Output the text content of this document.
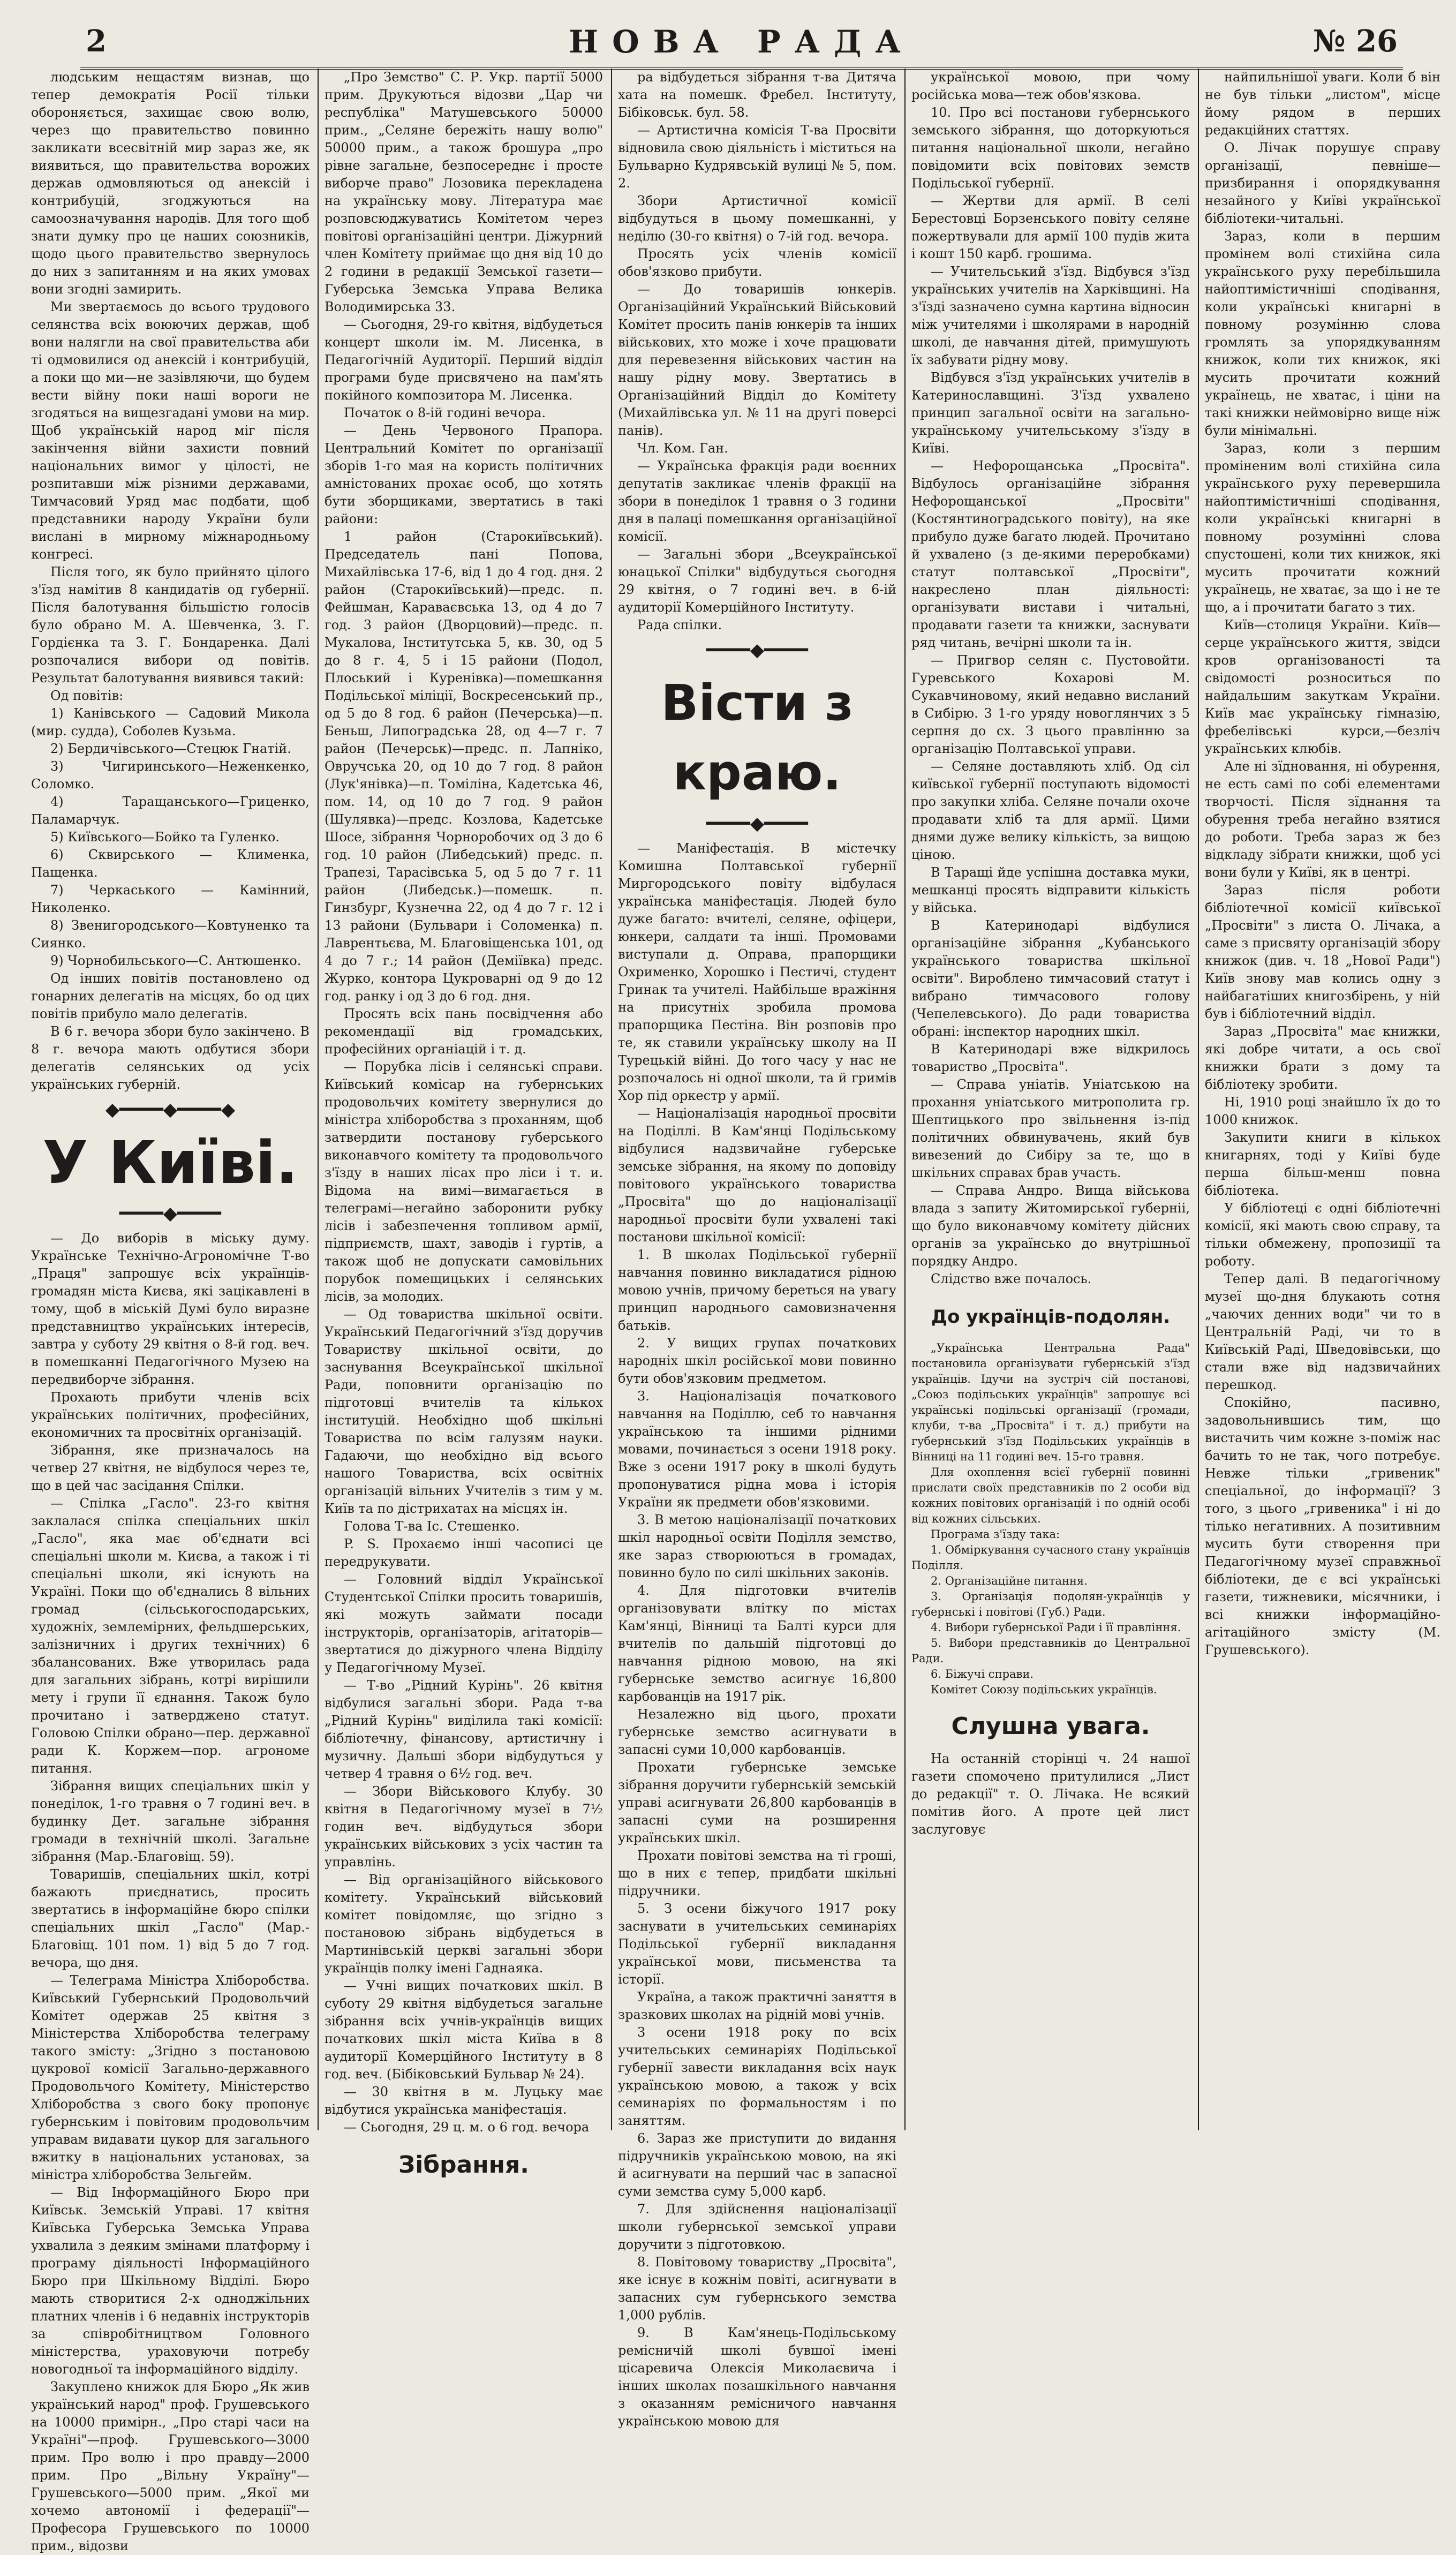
2	НОВА РАДА	№ 26

людським нещастям визнав, що тепер демократія Росії тільки обороняється, захищає свою волю, через що правительство повинно закликати всесвітній мир зараз же, як виявиться, що правительства ворожих держав одмовляються од анексій і контрибуцій, згоджуються на самоозначування народів. Для того щоб знати думку про це наших союзників, щодо цього правительство звернулось до них з запитанням и на яких умовах вони згодні замирить.

Ми звертаємось до всього трудового селянства всіх воюючих держав, щоб вони налягли на свої правительства аби ті одмовилися од анексій і контрибуцій, а поки що ми—не зазівляючи, що будем вести війну поки наші вороги не згодяться на вищезгадані умови на мир. Щоб українській народ міг після закінчення війни захисти повний національних вимог у цілості, не розпитавши між різними державами, Тимчасовий Уряд має подбати, щоб представники народу України були вислані в мирному міжнародньому конгресі.

Після того, як було прийнято цілого з'їзд намітив 8 кандидатів од губернії. Після балотування більшістю голосів було обрано М. А. Шевченка, З. Г. Гордієнка та З. Г. Бондаренка. Далі розпочалися вибори од повітів. Результат балотування виявився такий:

Од повітів:

1) Канівського — Садовий Микола (мир. судда), Соболев Кузьма.

2) Бердичівського—Стецюк Гнатій.

3) Чигиринського—Неженкенко, Соломко.

4) Таращанського—Гриценко, Паламарчук.

5) Київського—Бойко та Гуленко.

6) Сквирського — Клименка, Пащенка.

7) Черкаського — Камінний, Николенко.

8) Звенигородського—Ковтуненко та Сиянко.

9) Чорнобильського—С. Антюшенко.

Од інших повітів постановлено од гонарних делегатів на місцях, бо од цих повітів прибуло мало делегатів.

В 6 г. вечора збори було закінчено. В 8 г. вечора мають одбутися збори делегатів селянських од усіх українських губерній.

◆━━━━◆━━━━◆
У Київі.
━━━━◆━━━━

— До виборів в міську думу. Українське Технічно-Агрономічне Т-во „Праця" запрошує всіх українців-громадян міста Києва, які зацікавлені в тому, щоб в міській Думі було виразне представництво українських інтересів, завтра у суботу 29 квітня о 8-й год. веч. в помешканні Педагогічного Музею на передвиборче зібрання.

Прохають прибути членів всіх українських політичних, професійних, економичних та просвітніх організацій.

Зібрання, яке призначалось на четвер 27 квітня, не відбулося через те, що в цей час засідання Спілки.

— Спілка „Гасло". 23-го квітня заклалася спілка спеціальних шкіл „Гасло", яка має об'єднати всі спеціальні школи м. Києва, а також і ті спеціальні школи, які існують на Україні. Поки що об'єднались 8 вільних громад (сільськогосподарських, художніх, землемірних, фельдшерських, залізничних і других технічних) 6 збалансованих. Вже утворилась рада для загальних зібрань, котрі вирішили мету і групи її єднання. Також було прочитано і затверджено статут. Головою Спілки обрано—пер. державної ради К. Коржем—пор. агрономе питання.

Зібрання вищих спеціальних шкіл у понеділок, 1-го травня о 7 годині веч. в будинку Дет. загальне зібрання громади в технічній школі. Загальне зібрання (Мар.-Благовіщ. 59).

Товаришів, спеціальних шкіл, котрі бажають приєднатись, просить звертатись в інформаційне бюро спілки спеціальних шкіл „Гасло" (Мар.-Благовіщ. 101 пом. 1) від 5 до 7 год. вечора, що дня.

— Телеграма Міністра Хліборобства. Київський Губернський Продовольчий Комітет одержав 25 квітня з Міністерства Хліборобства телеграму такого змісту: „Згідно з постановою цукрової комісії Загально-державного Продовольчого Комітету, Міністерство Хліборобства з свого боку пропонує губернським і повітовим продовольчим управам видавати цукор для загального вжитку в національних установах, за міністра хліборобства Зельгейм.

— Від Інформаційного Бюро при Київськ. Земській Управі. 17 квітня Київська Губерська Земська Управа ухвалила з деяким змінами платформу і програму діяльності Інформаційного Бюро при Шкільному Відділі. Бюро мають створитися 2-х одноджільних платних членів і 6 недавніх інструкторів за співробітництвом Головного міністерства, ураховуючи потребу новогодньої та інформаційного відділу.

Закуплено книжок для Бюро „Як жив український народ" проф. Грушевського на 10000 примірн., „Про старі часи на Україні"—проф. Грушевського—3000 прим. Про волю і про правду—2000 прим. Про „Вільну Україну"—Грушевського—5000 прим. „Якої ми хочемо автономії і федерації"—Професора Грушевського по 10000 прим., відозви

„Про Земство" С. Р. Укр. партії 5000 прим. Друкуються відозви „Цар чи республіка" Матушевського 50000 прим., „Селяне бережіть нашу волю" 50000 прим., а також брошура „про рівне загальне, безпосереднє і просте виборче право" Лозовика перекладена на українську мову. Література має розповсюджуватись Комітетом через повітові організаційні центри. Діжурний член Комітету приймає що дня від 10 до 2 години в редакції Земської газети—Губерська Земська Управа Велика Володимирська 33.

— Сьогодня, 29-го квітня, відбудеться концерт школи ім. М. Лисенка, в Педагогічній Аудиторії. Перший відділ програми буде присвячено на пам'ять покійного композитора М. Лисенка.

Початок о 8-ій годині вечора.

— День Червоного Прапора. Центральний Комітет по організації зборів 1-го мая на користь політичних амністованих прохає особ, що хотять бути зборщиками, звертатись в такі райони:

1 район (Старокиївський). Председатель пані Попова, Михайлівська 17-6, від 1 до 4 год. дня. 2 район (Старокиївський)—предс. п. Фейшман, Караваєвська 13, од 4 до 7 год. 3 район (Дворцовий)—предс. п. Мукалова, Інститутська 5, кв. 30, од 5 до 8 г. 4, 5 і 15 райони (Подол, Плоський і Куренівка)—помешкання Подільської міліції, Воскресенський пр., од 5 до 8 год. 6 район (Печерська)—п. Беньш, Липоградська 28, од 4—7 г. 7 район (Печерськ)—предс. п. Лапніко, Овручська 20, од 10 до 7 год. 8 район (Лук'янівка)—п. Томіліна, Кадетська 46, пом. 14, од 10 до 7 год. 9 район (Шулявка)—предс. Козлова, Кадетське Шосе, зібрання Чорноробочих од 3 до 6 год. 10 район (Либедський) предс. п. Трапезі, Тарасівська 5, од 5 до 7 г. 11 район (Либедськ.)—помешк. п. Гинзбург, Кузнечна 22, од 4 до 7 г. 12 і 13 райони (Бульвари і Соломенка) п. Лаврентьєва, М. Благовіщенська 101, од 4 до 7 г.; 14 район (Деміївка) предс. Журко, контора Цукроварні од 9 до 12 год. ранку і од 3 до 6 год. дня.

Просять всіх пань посвідчення або рекомендації від громадських, професійних органіацій і т. д.

— Порубка лісів і селянські справи. Київський комісар на губернських продовольчих комітету звернулися до міністра хліборобства з проханням, щоб затвердити постанову губерського виконавчого комітету та продовольчого з'їзду в наших лісах про ліси і т. и. Відома на вимі—вимагається в телеграмі—негайно заборонити рубку лісів і забезпечення топливом армії, підприємств, шахт, заводів і гуртів, а також щоб не допускати самовільних порубок помещицьких і селянських лісів, за молодих.

— Од товариства шкільної освіти. Український Педагогічний з'їзд доручив Товариству шкільної освіти, до заснування Всеукраїнської шкільної Ради, поповнити організацію по підготовці вчителів та кількох інституцій. Необхідно щоб шкільні Товариства по всім галузям науки. Гадаючи, що необхідно від всього нашого Товариства, всіх освітніх організацій вільних Учителів з тим у м. Київ та по дістрихатах на місцях ін.

Голова Т-ва Іс. Стешенко.

P. S. Прохаємо інші часописі це передрукувати.

— Головний відділ Української Студентської Спілки просить товаришів, які можуть займати посади інструкторів, організаторів, агітаторів—звертатися до діжурного члена Відділу у Педагогічному Музеї.

— Т-во „Рідний Курінь". 26 квітня відбулися загальні збори. Рада т-ва „Рідний Курінь" виділила такі комісії: бібліотечну, фінансову, артистичну і музичну. Дальші збори відбудуться у четвер 4 травня о 6½ год. веч.

— Збори Військового Клубу. 30 квітня в Педагогічному музеї в 7½ годин веч. відбудуться збори українських військових з усіх частин та управлінь.

— Від організаційного військового комітету. Український військовий комітет повідомляє, що згідно з постановою зібрань відбудеться в Мартинівській церкві загальні збори українців полку імені Гаднаяка.

— Учні вищих початкових шкіл. В суботу 29 квітня відбудеться загальне зібрання всіх учнів-українців вищих початкових шкіл міста Київа в 8 аудиторії Комерційного Інституту в 8 год. веч. (Бібіковський Бульвар № 24).

— 30 квітня в м. Луцьку має відбутися українська маніфестація.

— Сьогодня, 29 ц. м. о 6 год. вечора

Зібрання.

ра відбудеться зібрання т-ва Дитяча хата на помешк. Фребел. Інституту, Бібіковськ. бул. 58.

— Артистична комісія Т-ва Просвіти відновила свою діяльність і міститься на Бульварно Кудрявській вулиці № 5, пом. 2.

Збори Артистичної комісії відбудуться в цьому помешканні, у неділю (30-го квітня) о 7-ій год. вечора.

Просять усіх членів комісії обов'язково прибути.

— До товаришів юнкерів. Організаційний Український Військовий Комітет просить панів юнкерів та інших військових, хто може і хоче працювати для перевезення військових частин на нашу рідну мову. Звертатись в Організаційний Відділ до Комітету (Михайлівська ул. № 11 на другі поверсі панів).

Чл. Ком. Ган.

— Українська фракція ради воєнних депутатів закликає членів фракції на збори в понеділок 1 травня о 3 години дня в палаці помешкання організаційної комісії.

— Загальні збори „Всеукраїнської юнацької Спілки" відбудуться сьогодня 29 квітня, о 7 годині веч. в 6-ій аудиторії Комерційного Інституту.

Рада спілки.

━━━━◆━━━━
Вісти з краю.
━━━━◆━━━━

— Маніфестація. В містечку Комишна Полтавської губернії Миргородського повіту відбулася українська маніфестація. Людей було дуже багато: вчителі, селяне, офіцери, юнкери, салдати та інші. Промовами виступали д. Оправа, прапорщики Охрименко, Хорошко і Пестичі, студент Гринак та учителі. Найбільше вражіння на присутніх зробила промова прапорщика Пестіна. Він розповів про те, як ставили українську школу на ІІ Турецькій війні. До того часу у нас не розпочалось ні одної школи, та й гримів Хор під оркестр у армії.

— Націоналізація народньої просвіти на Поділлі. В Кам'янці Подільському відбулися надзвичайне губерське земське зібрання, на якому по доповіду повітового українського товариства „Просвіта" що до націоналізації народньої просвіти були ухвалені такі постанови шкільної комісії:

1. В школах Подільської губернії навчання повинно викладатися рідною мовою учнів, причому береться на увагу принцип народнього самовизначення батьків.

2. У вищих групах початкових народніх шкіл російської мови повинно бути обов'язковим предметом.

3. Націоналізація початкового навчання на Поділлю, себ то навчання українською та іншими рідними мовами, починається з осени 1918 року. Вже з осени 1917 року в школі будуть пропонуватися рідна мова і історія України як предмети обов'язковими.

3. В метою націоналізації початкових шкіл народньої освіти Поділля земство, яке зараз створюються в громадах, повинно було по силі шкільних законів.

4. Для підготовки вчителів організовувати влітку по містах Кам'янці, Вінниці та Балті курси для вчителів по дальшій підготовці до навчання рідною мовою, на які губернське земство асигнує 16,800 карбованців на 1917 рік.

Незалежно від цього, прохати губернське земство асигнувати в запасні суми 10,000 карбованців.

Прохати губернське земське зібрання доручити губернській земській управі асигнувати 26,800 карбованців в запасні суми на розширення українських шкіл.

Прохати повітові земства на ті гроші, що в них є тепер, придбати шкільні підручники.

5. З осени біжучого 1917 року заснувати в учительських семинаріях Подільської губернії викладання української мови, письменства та історії.

Українa, а також практичні заняття в зразкових школах на рідній мові учнів.

3 осени 1918 року по всіх учительських семинаріях Подільської губернії завести викладання всіх наук українською мовою, а також у всіх семинаріях по формальностям і по заняттям.

6. Зараз же приступити до видання підручників українською мовою, на які й асигнувати на перший час в запасної суми земства суму 5,000 карб.

7. Для здійснення націоналізації школи губернської земської управи доручити з підготовкою.

8. Повітовому товариству „Просвіта", яке існує в кожнім повіті, асигнувати в запасних сум губернського земства 1,000 рублів.

9. В Кам'янець-Подільському ремісничій школі бувшої імені цісаревича Олексія Миколаєвича і інших школах позашкільного навчання з оказанням ремісничого навчання українською мовою для

української мовою, при чому російська мова—теж обов'язкова.

10. Про всі постанови губернського земського зібрання, що доторкуються питання національної школи, негайно повідомити всіх повітових земств Подільської губернії.

— Жертви для армії. В селі Берестовці Борзенського повіту селяне пожертвували для армії 100 пудів жита і кошт 150 карб. грошима.

— Учительський з'їзд. Відбувся з'їзд українських учителів на Харківщині. На з'їзді зазначено сумна картина відносин між учителями і школярами в народній школі, де навчання дітей, примушують їх забувати рідну мову.

Відбувся з'їзд українських учителів в Катеринославщині. З'їзд ухвалено принцип загальної освіти на загально-українському учительському з'їзду в Київі.

— Нефорощанська „Просвіта". Відбулось організаційне зібрання Нефорощанської „Просвіти" (Костянтиноградського повіту), на яке прибуло дуже багато людей. Прочитано й ухвалено (з де-якими переробками) статут полтавської „Просвіти", накреслено план діяльності: організувати вистави і читальні, продавати газети та книжки, заснувати ряд читань, вечірні школи та ін.

— Пригвор селян с. Пустовойти. Гуревського Кохарові М. Сукавчиновому, який недавно висланий в Сибірю. 3 1-го уряду новоглянчих з 5 серпня до сх. З цього правлінню за організацію Полтавської управи.

— Селяне доставляють хліб. Од сіл київської губернії поступають відомості про закупки хліба. Селяне почали охоче продавати хліб та для армії. Цими днями дуже велику кількість, за вищою ціною.

В Таращі йде успішна доставка муки, мешканці просять відправити кількість у війська.

В Катеринодарі відбулися організаційне зібрання „Кубанського українського товариства шкільної освіти". Вироблено тимчасовий статут і вибрано тимчасового голову (Чепелевського). До ради товариства обрані: інспектор народних шкіл.

В Катеринодарі вже відкрилось товариство „Просвіта".

— Справа уніатів. Уніатською на прохання уніатського митрополита гр. Шептицького про звільнення із-під політичних обвинувачень, який був вивезений до Сибіру за те, що в шкільних справах брав участь.

— Справа Андро. Вища військова влада з запиту Житомирської губерніі, що було виконавчому комітету дійсних органів за українсько до внутрішньої порядку Андро.

Слідство вже почалось.

До українців-подолян.

„Українська Центральна Рада" постановила організувати губернській з'їзд українців. Ідучи на зустріч сій постанові, „Союз подільських українців" запрошує всі українські подільські організації (громади, клуби, т-ва „Просвіта" і т. д.) прибути на губернський з'їзд Подільських українців в Вінниці на 11 годині веч. 15-го травня.

Для охоплення всієї губернії повинні прислати своїх представників по 2 особи від кожних повітових організацій і по одній особі від кожних сільських.

Програма з'їзду така:

1. Обміркування сучасного стану українців Поділля.

2. Організаційне питання.

3. Організація подолян-українців у губернські і повітові (Губ.) Ради.

4. Вибори губернської Ради і її правління.

5. Вибори представників до Центральної Ради.

6. Біжучі справи.

Комітет Союзу подільських українців.

Слушна увага.

На останній сторінці ч. 24 нашої газети спомочено притулилися „Лист до редакції" т. О. Лічака. Не всякий помітив його. А проте цей лист заслуговує

найпильнішої уваги. Коли б він не був тільки „листом", місце йому рядом в перших редакційних статтях.

О. Лічак порушує справу організації, певніше—призбирання і опорядкування незайного у Київі української бібліотеки-читальні.

Зараз, коли в першим промінем волі стихійна сила українського руху перебільшила найоптимістичніші сподівання, коли українські книгарні в повному розумінню слова громлять за упорядкуванням книжок, коли тих книжок, які мусить прочитати кожний українець, не хватає, і ціни на такі книжки неймовірно вище ніж були мінімальні.

Зараз, коли з першим проміненим волі стихійна сила українського руху перевершила найоптимістичніші сподівання, коли українські книгарні в повному розумінні слова спустошені, коли тих книжок, які мусить прочитати кожний українець, не хватає, за що і не те що, а і прочитати багато з тих.

Київ—столиця України. Київ—серце українського життя, звідси кров організованості та свідомості розноситься по найдальшим закуткам України. Київ має українську гімназію, фребелівські курси,—безліч українських клюбів.

Але ні зїдновання, ні обурення, не есть самі по собі елементами творчості. Після зїднання та обурення треба негайно взятися до роботи. Треба зараз ж без відкладу зібрати книжки, щоб усі вони були у Київі, як в центрі.

Зараз після роботи бібліотечної комісії київської „Просвіти" з листа О. Лічака, а саме з присвяту організацій збору книжок (див. ч. 18 „Нової Ради") Київ знову мав колись одну з найбагатіших книгозбірень, у ній був і бібліотечний відділ.

Зараз „Просвіта" має книжки, які добре читати, а ось свої книжки брати з дому та бібліотеку зробити.

Ні, 1910 році знайшло їх до то 1000 книжок.

Закупити книги в кількох книгарнях, тоді у Київі буде перша більш-менш повна бібліотека.

У бібліотеці є одні бібліотечні комісії, які мають свою справу, та тільки обмежену, пропозиції та роботу.

Тепер далі. В педагогічному музеї що-дня блукають сотня „чаючих денних води" чи то в Центральній Раді, чи то в Київській Раді, Шведовівськи, що стали вже від надзвичайних перешкод.

Спокійно, пасивно, задовольнившись тим, що вистачить чим кожне з-поміж нас бачить то не так, чого потребує. Невже тільки „гривеник" спеціальної, до інформації? З того, з цього „гривеника" і ні до тілько негативних. А позитивним мусить бути створення при Педагогічному музеї справжньої бібліотеки, де є всі українські газети, тижневики, місячники, і всі книжки інформаційно-агітаційного змісту (М. Грушевського).
